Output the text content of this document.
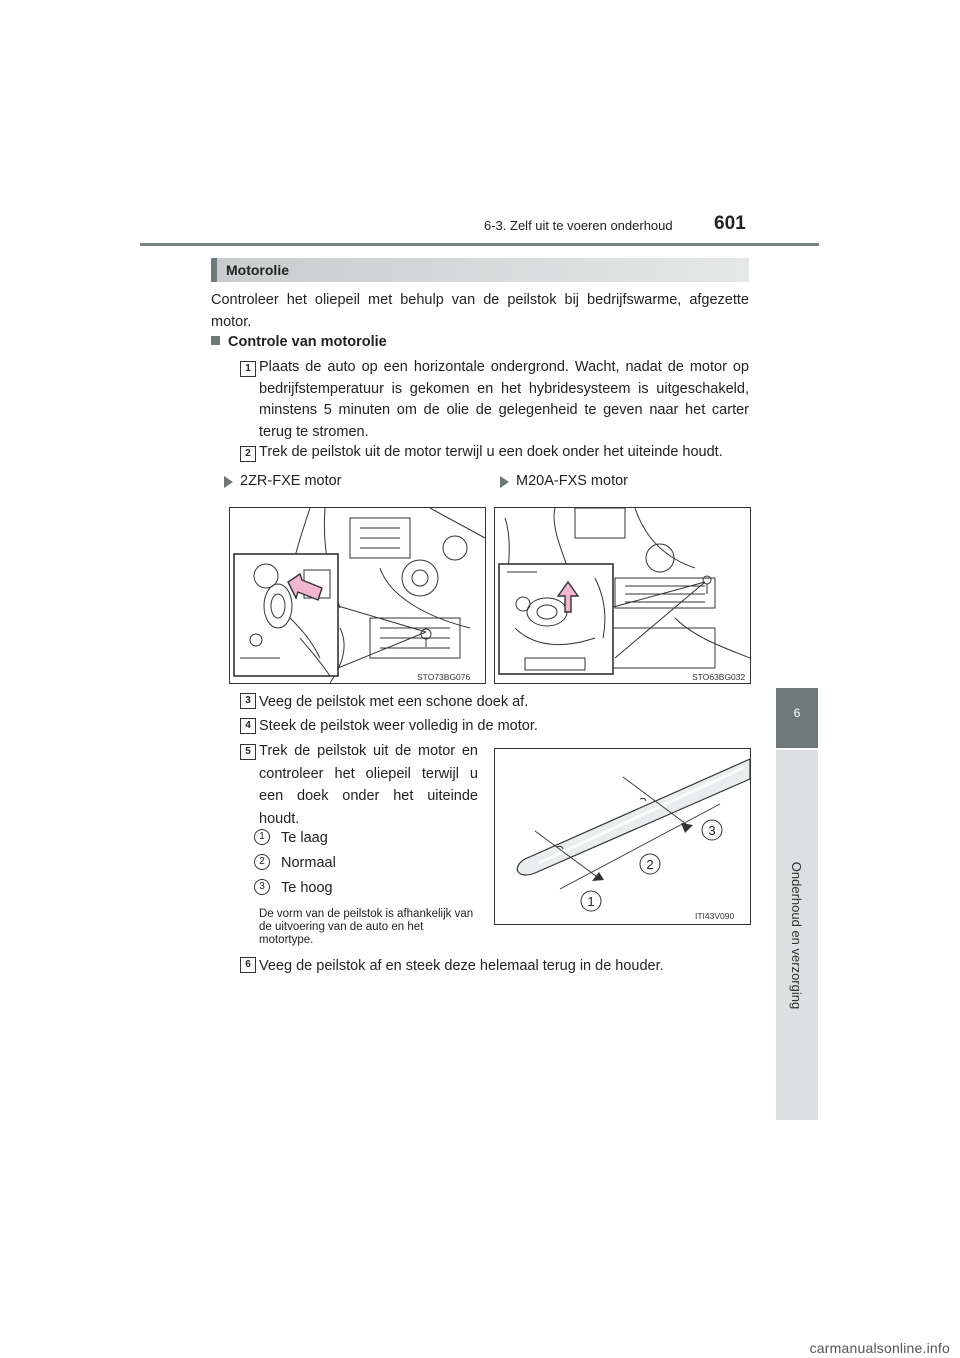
6-3. Zelf uit te voeren onderhoud 601
6
Onderhoud en verzorging
Motorolie
Controleer het oliepeil met behulp van de peilstok bij bedrijfswarme, afgezette motor.
Controle van motorolie
1 Plaats de auto op een horizontale ondergrond. Wacht, nadat de motor op bedrijfstemperatuur is gekomen en het hybridesysteem is uitgeschakeld, minstens 5 minuten om de olie de gelegenheid te geven naar het carter terug te stromen.
2 Trek de peilstok uit de motor terwijl u een doek onder het uiteinde houdt.
2ZR-FXE motor	M20A-FXS motor
STO73BG076	STO63BG032
3 Veeg de peilstok met een schone doek af.
4 Steek de peilstok weer volledig in de motor.
5 Trek de peilstok uit de motor en controleer het oliepeil terwijl u een doek onder het uiteinde houdt.
1	Te laag
2	Normaal
3	Te hoog
De vorm van de peilstok is afhankelijk van de uitvoering van de auto en het motortype.
3
2
1
ITI43V090
6 Veeg de peilstok af en steek deze helemaal terug in de houder.
carmanualsonline.info
